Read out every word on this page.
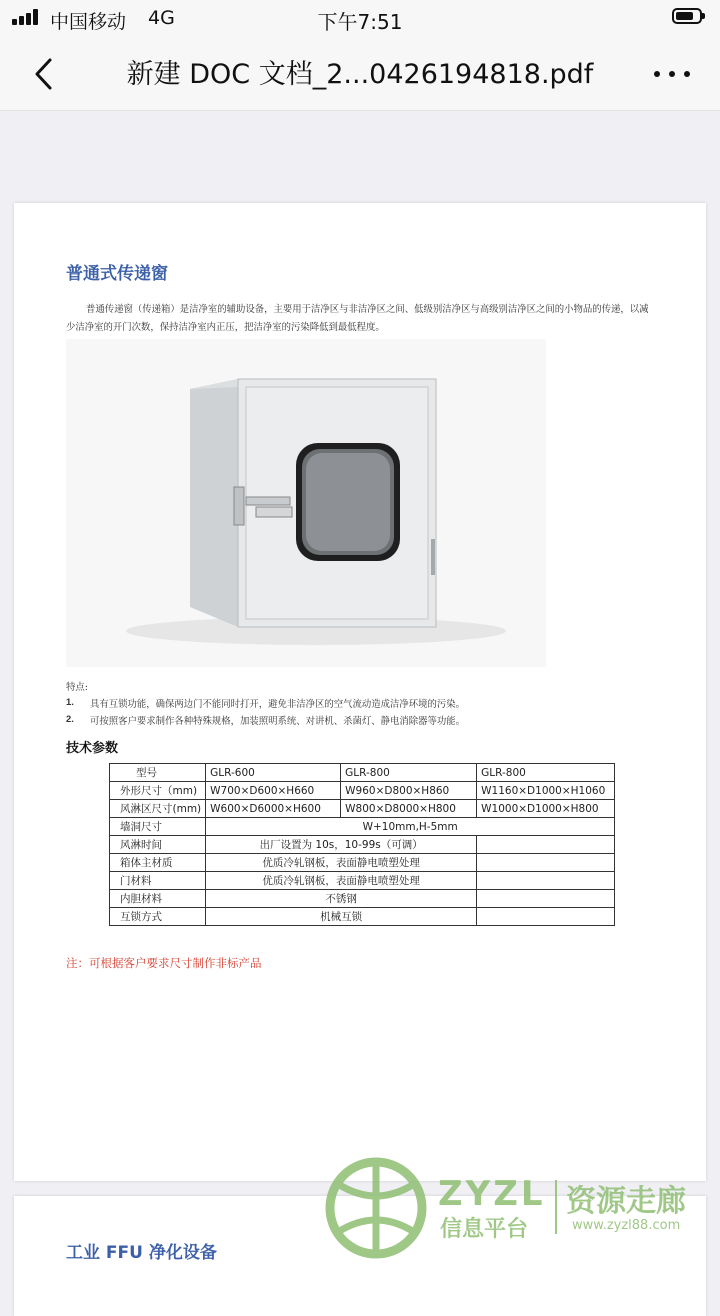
中国移动 4G	下午7:51
新建 DOC 文档_2...0426194818.pdf
普通式传递窗
普通传递窗（传递箱）是洁净室的辅助设备，主要用于洁净区与非洁净区之间、低级别洁净区与高级别洁净区之间的小物品的传递，以减少洁净室的开门次数，保持洁净室内正压，把洁净室的污染降低到最低程度。
特点:
1.	具有互锁功能，确保两边门不能同时打开，避免非洁净区的空气流动造成洁净环境的污染。
2.	可按照客户要求制作各种特殊规格，加装照明系统、对讲机、杀菌灯、静电消除器等功能。
技术参数
型号	GLR-600	GLR-800	GLR-800
外形尺寸（mm)	W700×D600×H660	W960×D800×H860	W1160×D1000×H1060
风淋区尺寸(mm)	W600×D6000×H600	W800×D8000×H800	W1000×D1000×H800
墙洞尺寸	W+10mm,H-5mm		
风淋时间	出厂设置为 10s，10-99s（可调）		
箱体主材质	优质冷轧钢板，表面静电喷塑处理		
门材料	优质冷轧钢板，表面静电喷塑处理		
内胆材料	不锈钢		
互锁方式	机械互锁		
注：可根据客户要求尺寸制作非标产品
工业 FFU 净化设备
ZYZL
信息平台
资源走廊
www.zyzl88.com
